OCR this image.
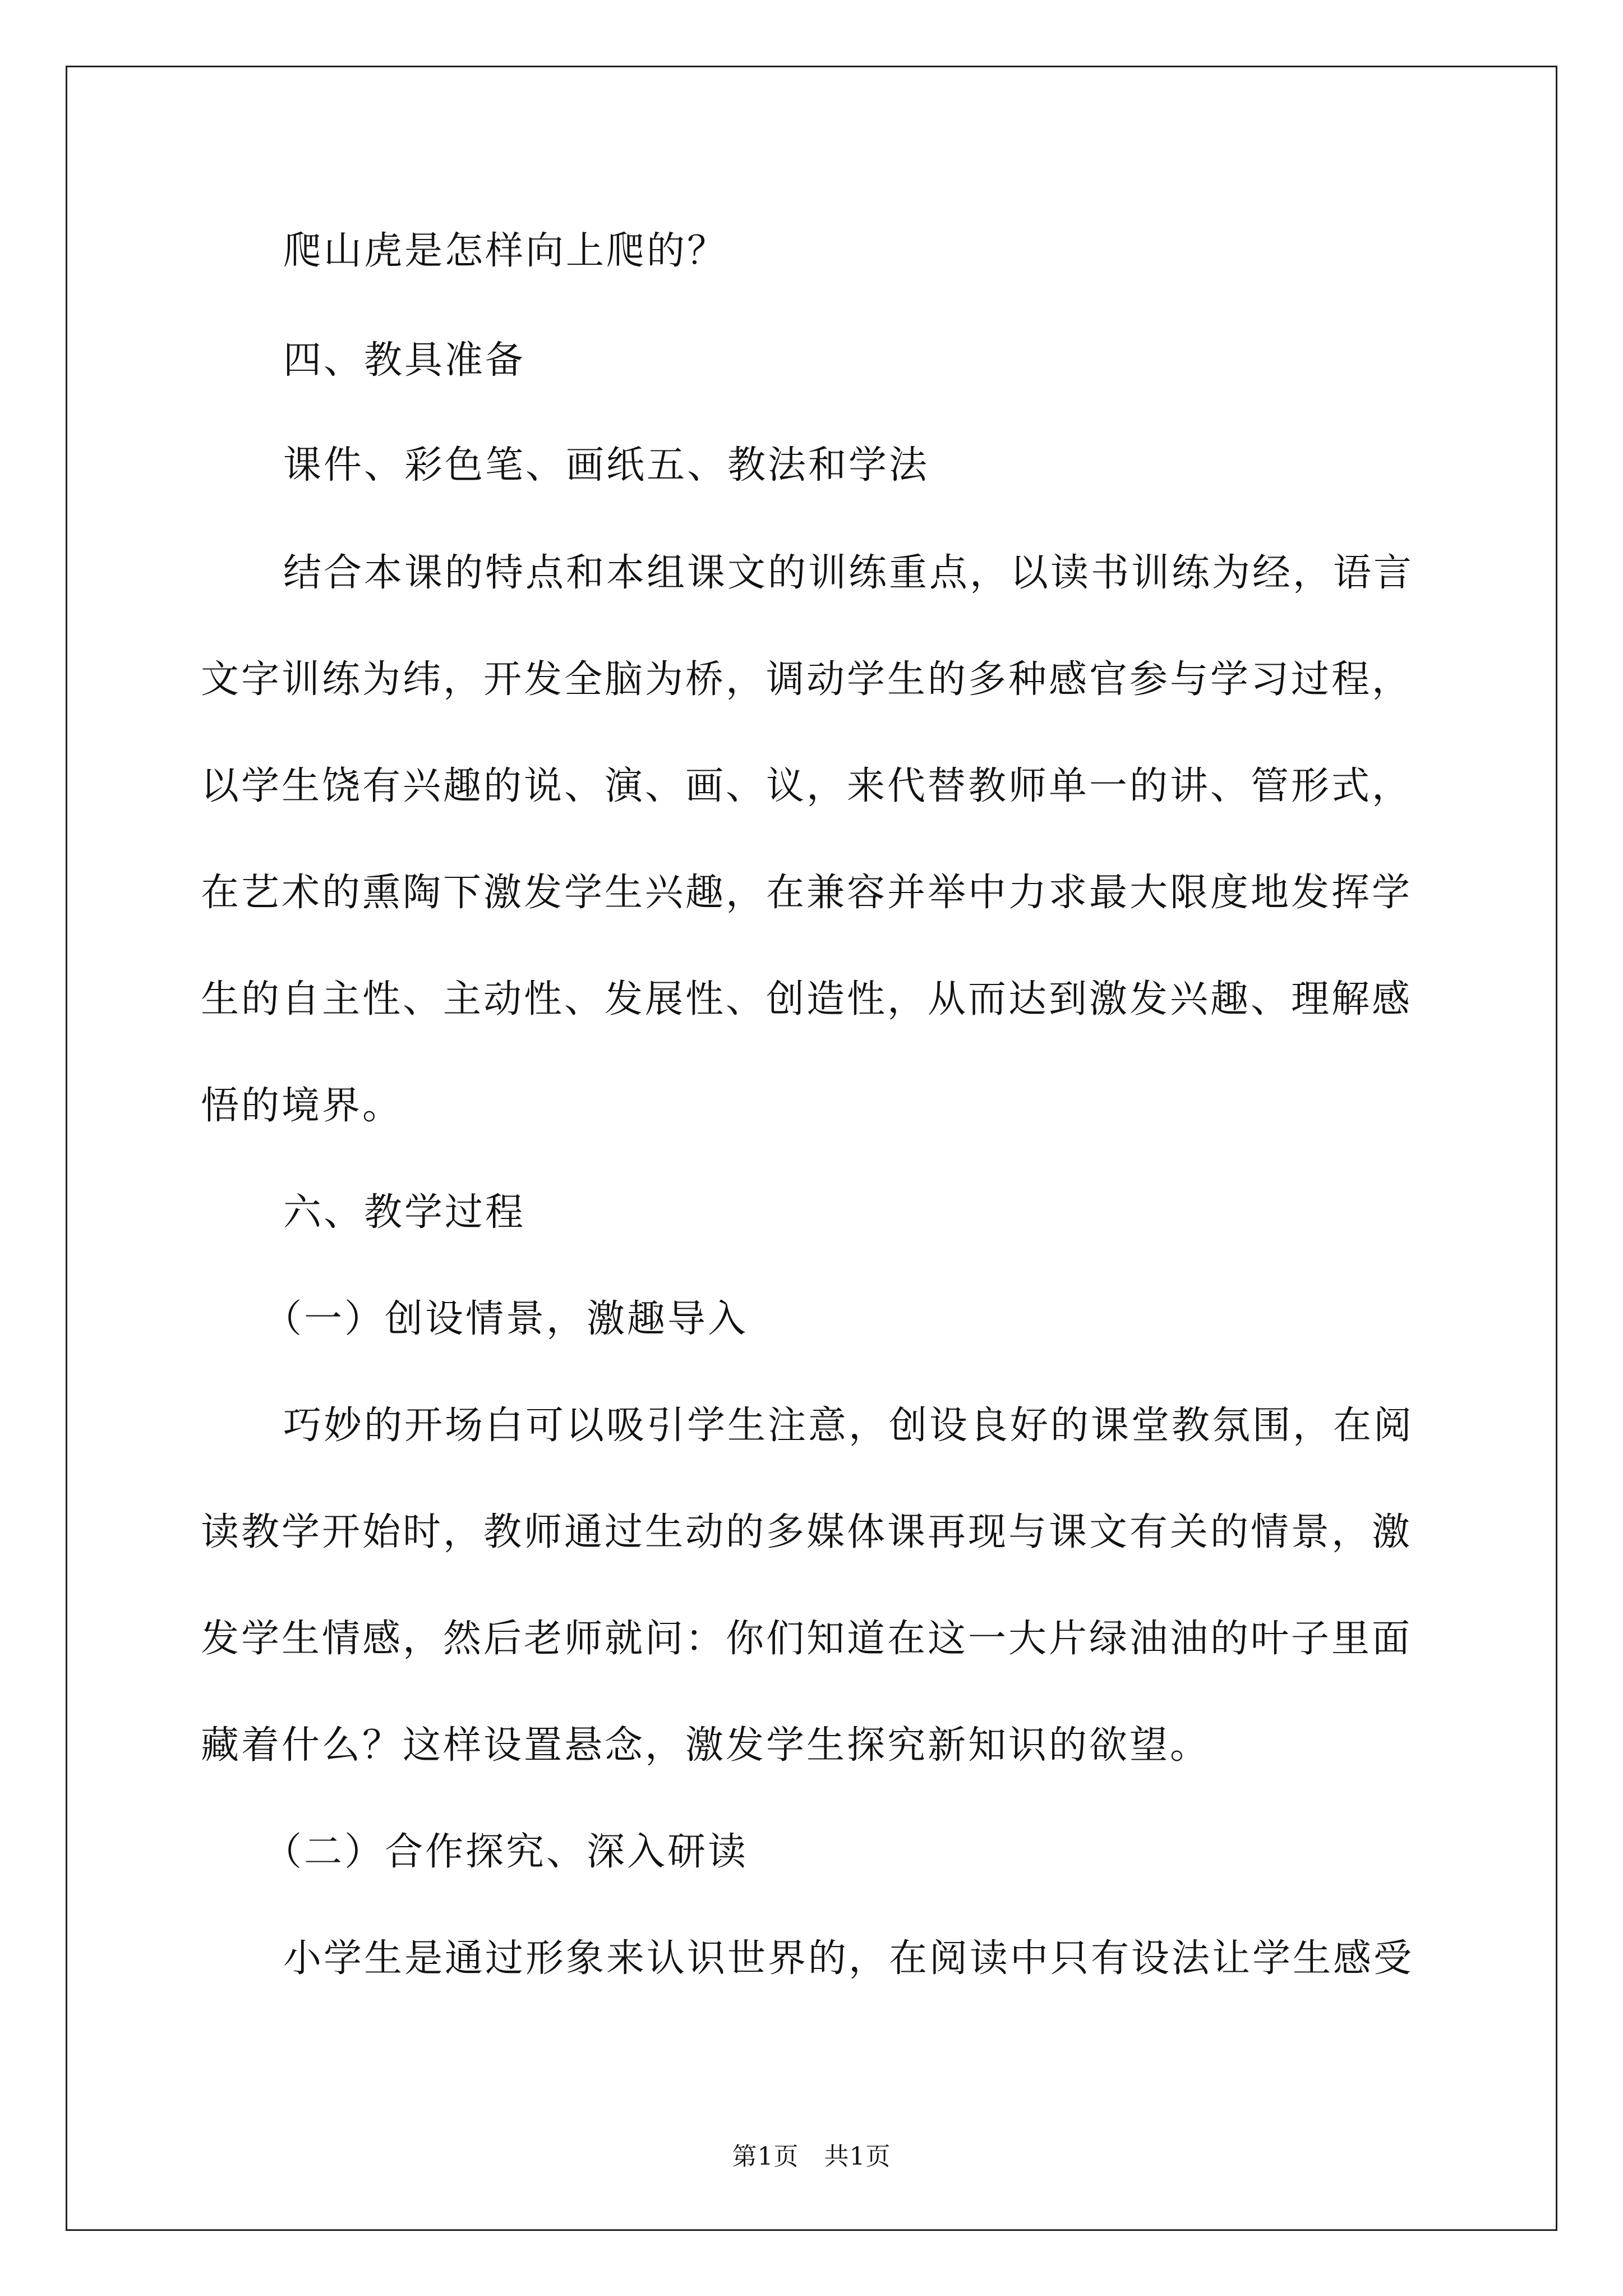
爬山虎是怎样向上爬的？
四、教具准备
课件、彩色笔、画纸五、教法和学法
结合本课的特点和本组课文的训练重点，以读书训练为经，语言
文字训练为纬，开发全脑为桥，调动学生的多种感官参与学习过程，
以学生饶有兴趣的说、演、画、议，来代替教师单一的讲、管形式，
在艺术的熏陶下激发学生兴趣，在兼容并举中力求最大限度地发挥学
生的自主性、主动性、发展性、创造性，从而达到激发兴趣、理解感
悟的境界。
六、教学过程
（一）创设情景，激趣导入
巧妙的开场白可以吸引学生注意，创设良好的课堂教氛围，在阅
读教学开始时，教师通过生动的多媒体课再现与课文有关的情景，激
发学生情感，然后老师就问：你们知道在这一大片绿油油的叶子里面
藏着什么？这样设置悬念，激发学生探究新知识的欲望。
（二）合作探究、深入研读
小学生是通过形象来认识世界的，在阅读中只有设法让学生感受
第1页　共1页
